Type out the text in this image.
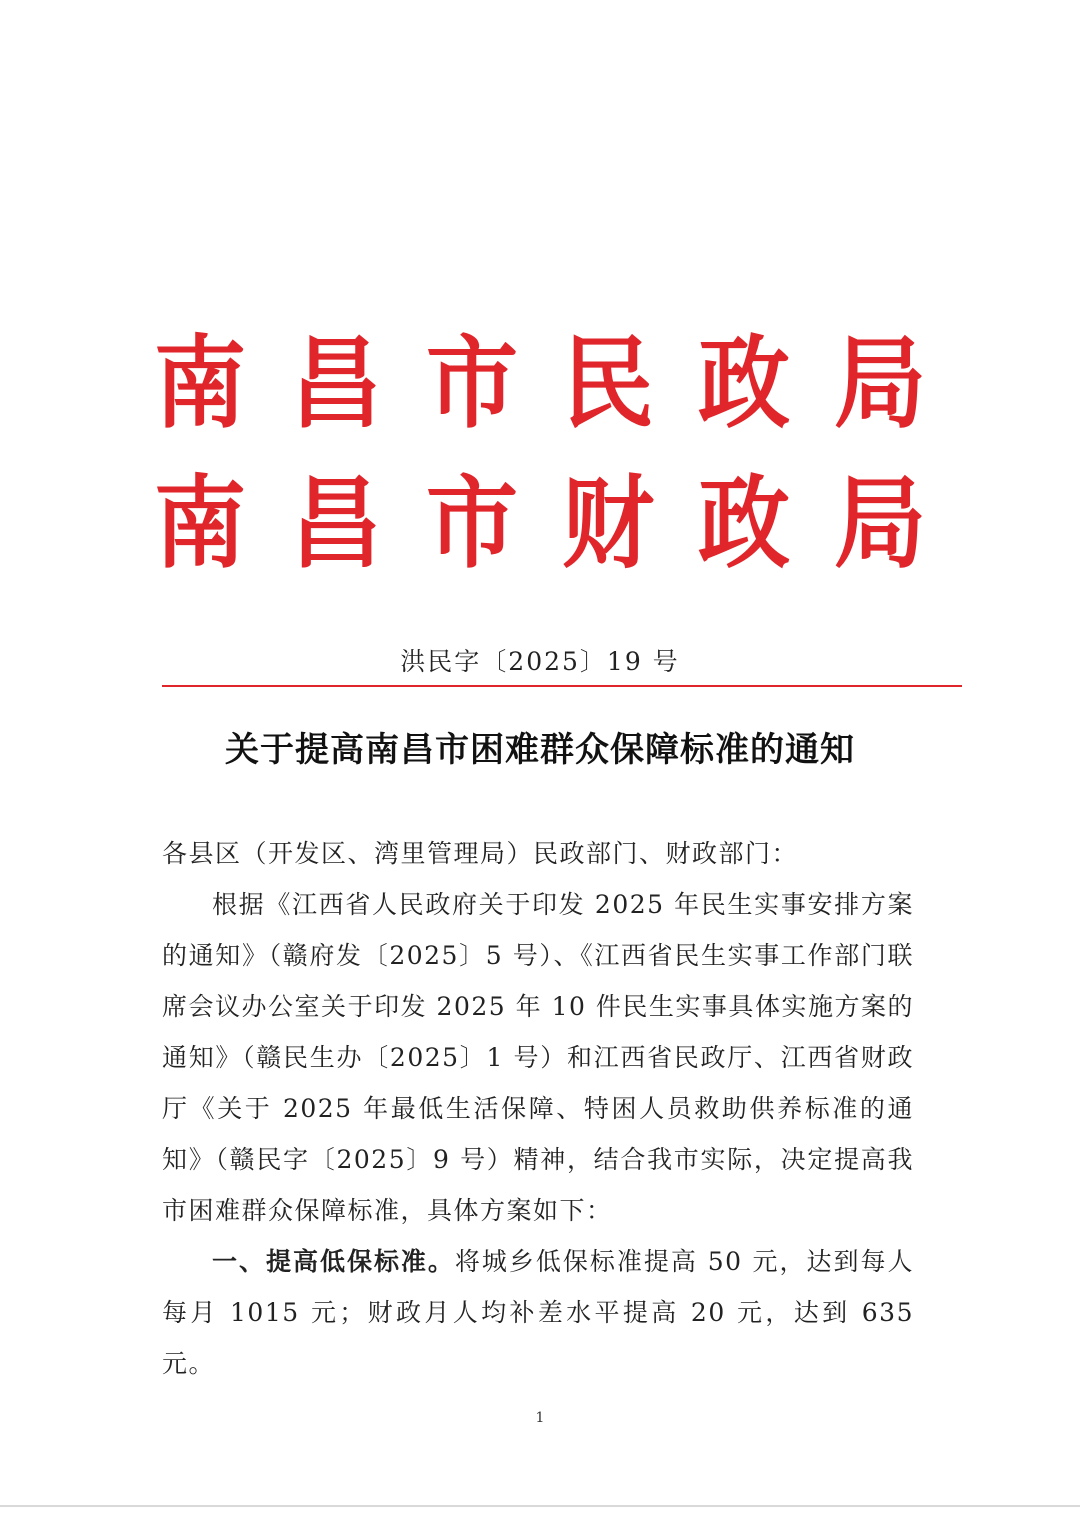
南 昌 市 民 政 局
南 昌 市 财 政 局
洪民字〔2025〕19 号
关于提高南昌市困难群众保障标准的通知

各县区（开发区、湾里管理局）民政部门、财政部门：

根据《江西省人民政府关于印发 2025 年民生实事安排方案的通知》（赣府发〔2025〕5 号）、《江西省民生实事工作部门联席会议办公室关于印发 2025 年 10 件民生实事具体实施方案的通知》（赣民生办〔2025〕1 号）和江西省民政厅、江西省财政厅《关于 2025 年最低生活保障、特困人员救助供养标准的通知》（赣民字〔2025〕9 号）精神，结合我市实际，决定提高我市困难群众保障标准，具体方案如下：

一、提高低保标准。将城乡低保标准提高 50 元，达到每人每月 1015 元；财政月人均补差水平提高 20 元，达到 635 元。

1
